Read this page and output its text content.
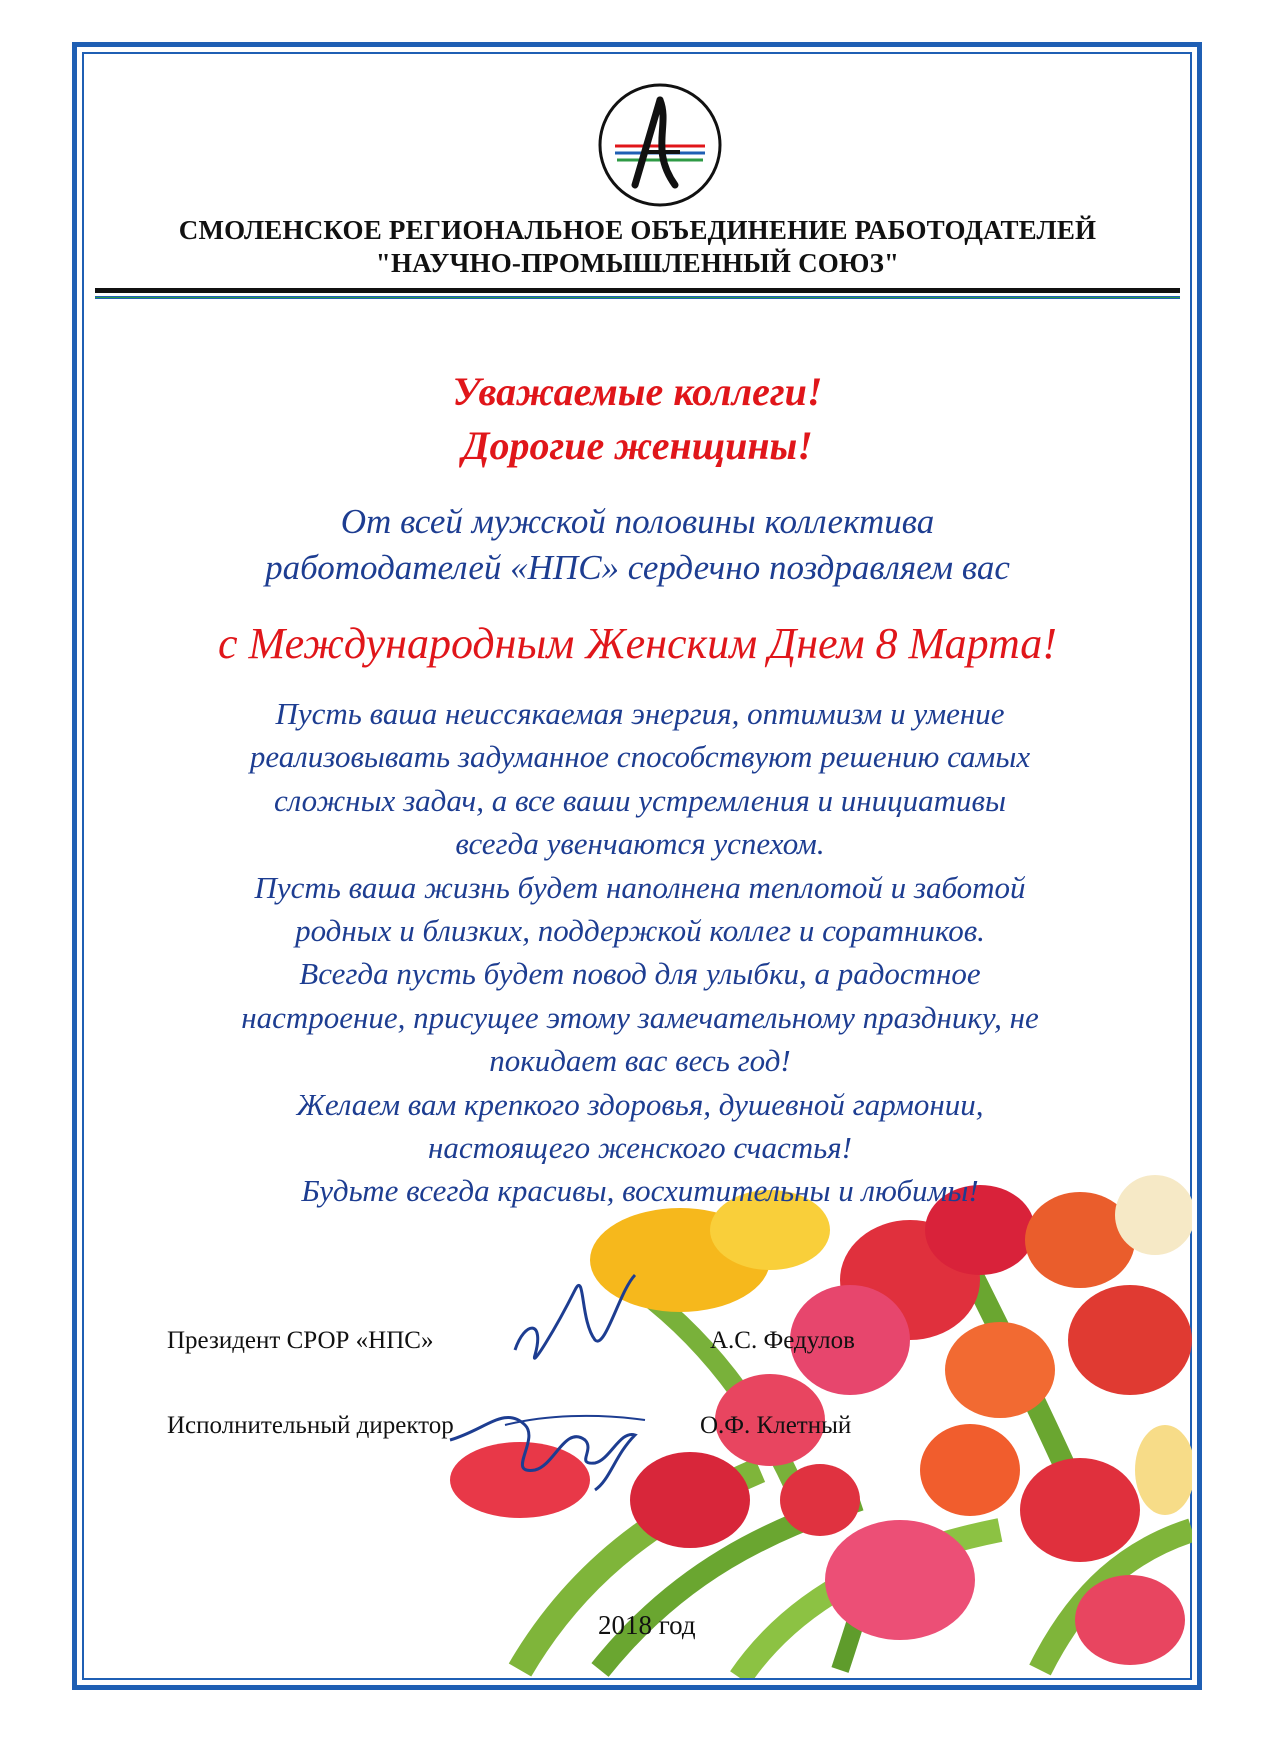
СМОЛЕНСКОЕ РЕГИОНАЛЬНОЕ ОБЪЕДИНЕНИЕ РАБОТОДАТЕЛЕЙ
"НАУЧНО-ПРОМЫШЛЕННЫЙ СОЮЗ"
Уважаемые коллеги!
Дорогие женщины!
От всей мужской половины коллектива
работодателей «НПС» сердечно поздравляем вас
с Международным Женским Днем 8 Марта!
Пусть ваша неиссякаемая энергия, оптимизм и умение
реализовывать задуманное способствуют решению самых
сложных задач, а все ваши устремления и инициативы
всегда увенчаются успехом.
Пусть ваша жизнь будет наполнена теплотой и заботой
родных и близких, поддержкой коллег и соратников.
Всегда пусть будет повод для улыбки, а радостное
настроение, присущее этому замечательному празднику, не
покидает вас весь год!
Желаем вам крепкого здоровья, душевной гармонии,
настоящего женского счастья!
Будьте всегда красивы, восхитительны и любимы!
Президент СРОР «НПС»	А.С. Федулов
Исполнительный директор	О.Ф. Клетный
2018 год
